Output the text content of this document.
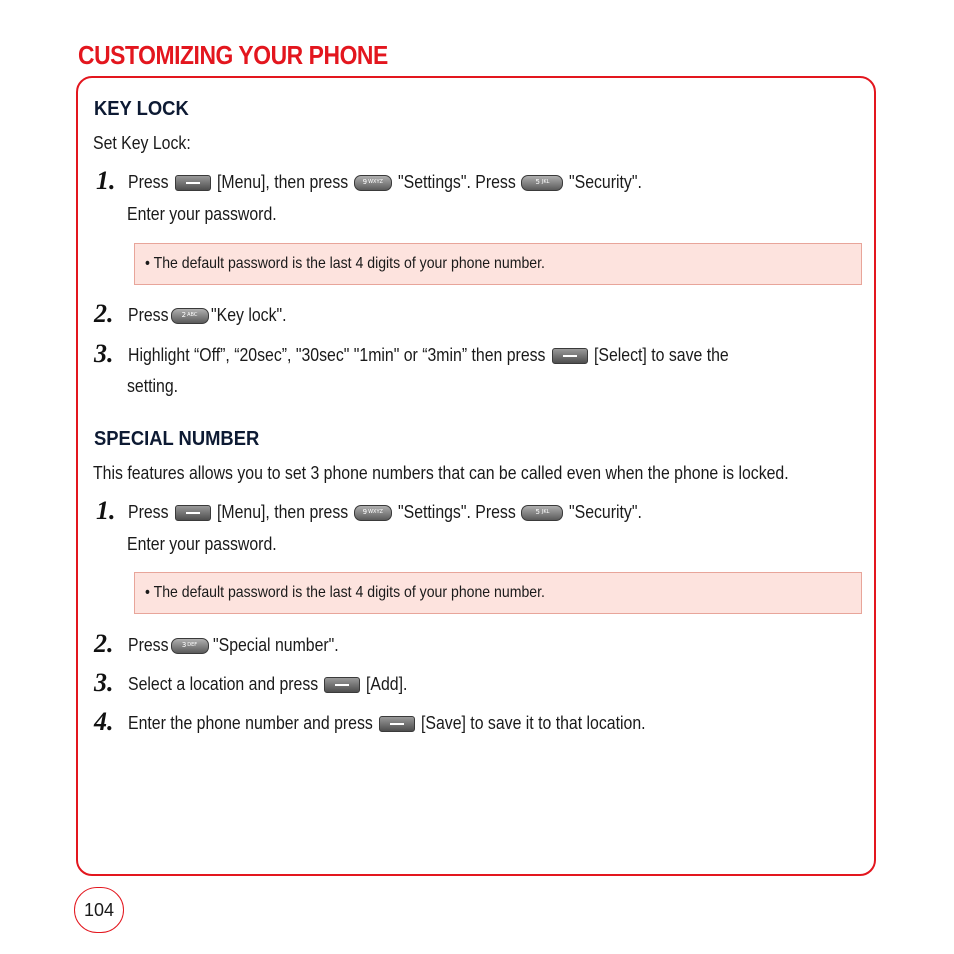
CUSTOMIZING YOUR PHONE
KEY LOCK
Set Key Lock:
1. Press	[Menu], then press 9 WXYZ "Settings". Press	5 JKL "Security".
Enter your password.
• The default password is the last 4 digits of your phone number.
2. Press 2 ABC "Key lock".
3. Highlight “Off”, “20sec”, "30sec" "1min" or “3min” then press	[Select] to save the
setting.
SPECIAL NUMBER
This features allows you to set 3 phone numbers that can be called even when the phone is locked.
1. Press	[Menu], then press 9 WXYZ "Settings". Press	5 JKL "Security".
Enter your password.
• The default password is the last 4 digits of your phone number.
2. Press 3 DEF "Special number".
3. Select a location and press	[Add].
4. Enter the phone number and press	[Save] to save it to that location.
104
